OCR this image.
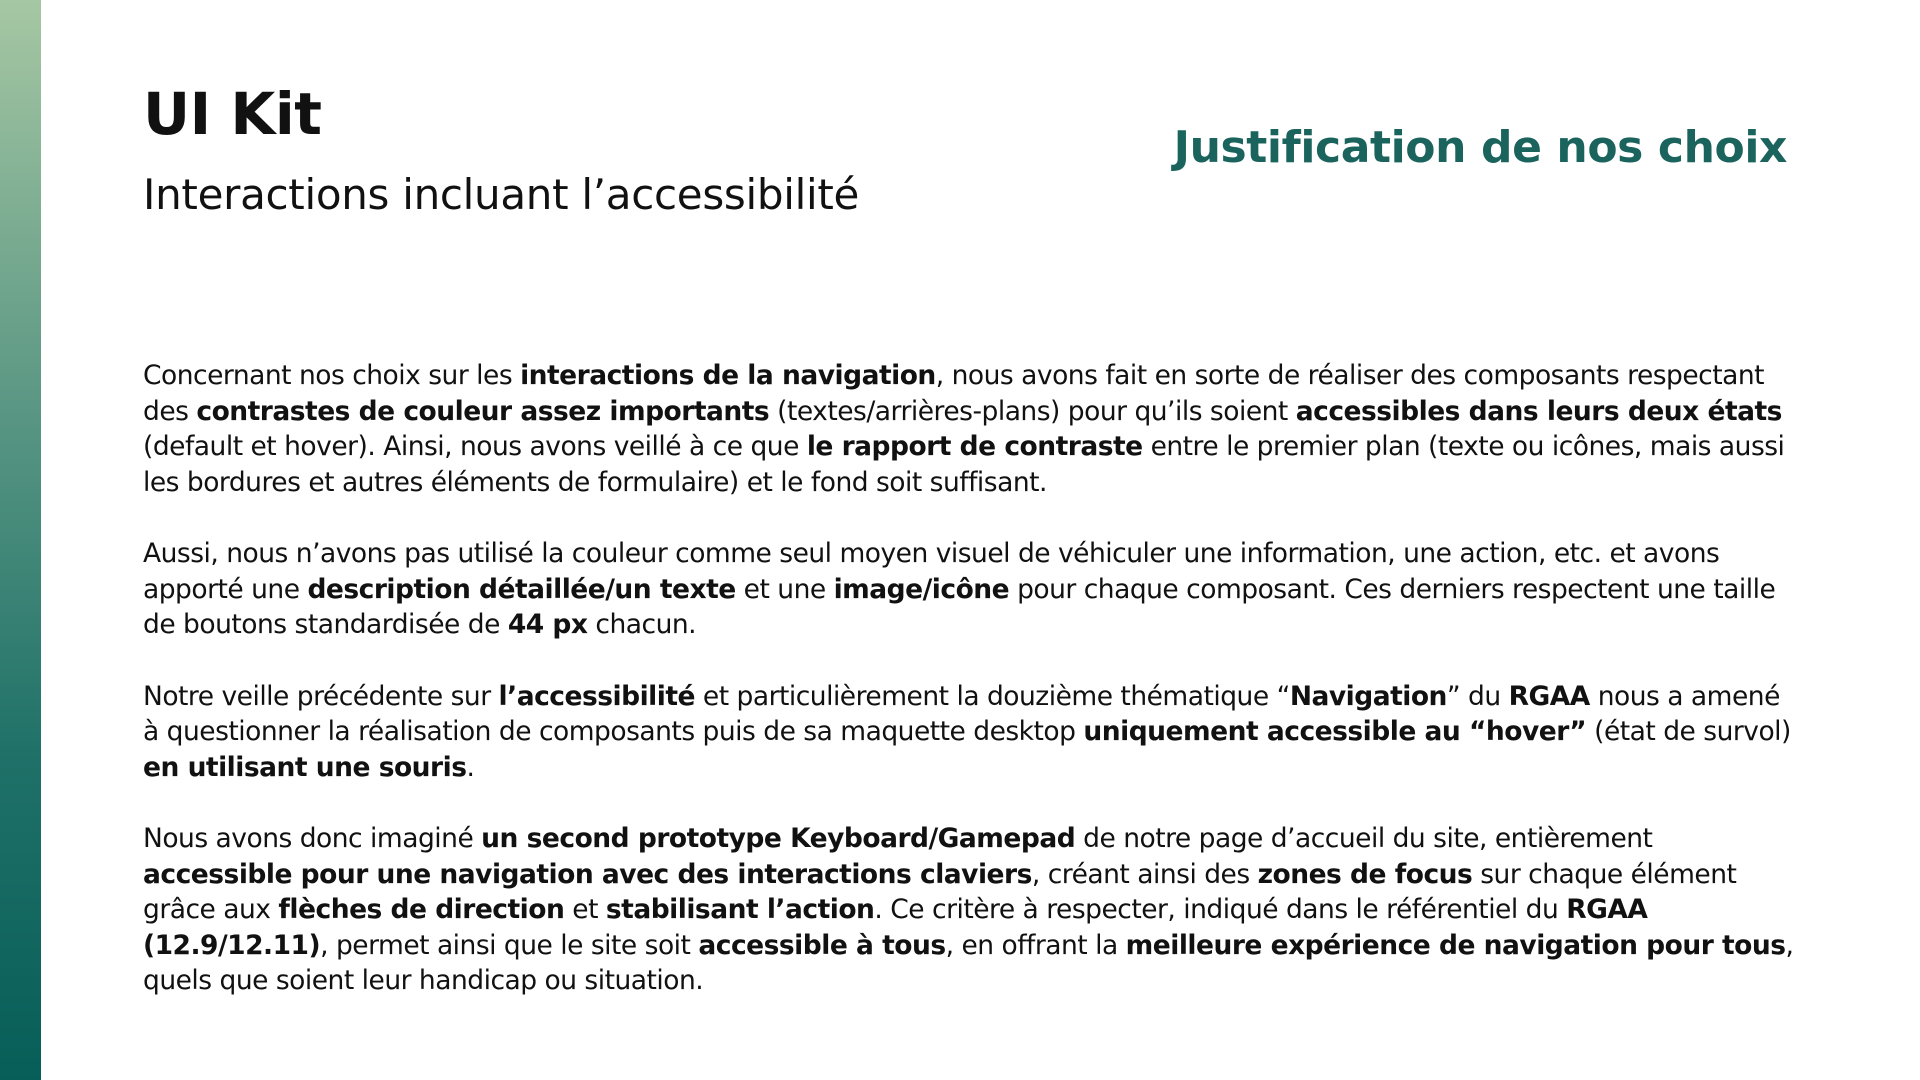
UI Kit
Interactions incluant l’accessibilité
Justification de nos choix

Concernant nos choix sur les interactions de la navigation, nous avons fait en sorte de réaliser des composants respectant des contrastes de couleur assez importants (textes/arrières-plans) pour qu’ils soient accessibles dans leurs deux états (default et hover). Ainsi, nous avons veillé à ce que le rapport de contraste entre le premier plan (texte ou icônes, mais aussi les bordures et autres éléments de formulaire) et le fond soit suffisant.

Aussi, nous n’avons pas utilisé la couleur comme seul moyen visuel de véhiculer une information, une action, etc. et avons apporté une description détaillée/un texte et une image/icône pour chaque composant. Ces derniers respectent une taille de boutons standardisée de 44 px chacun.

Notre veille précédente sur l’accessibilité et particulièrement la douzième thématique “Navigation” du RGAA nous a amené à questionner la réalisation de composants puis de sa maquette desktop uniquement accessible au “hover” (état de survol) en utilisant une souris.

Nous avons donc imaginé un second prototype Keyboard/Gamepad de notre page d’accueil du site, entièrement accessible pour une navigation avec des interactions claviers, créant ainsi des zones de focus sur chaque élément grâce aux flèches de direction et stabilisant l’action. Ce critère à respecter, indiqué dans le référentiel du RGAA (12.9/12.11), permet ainsi que le site soit accessible à tous, en offrant la meilleure expérience de navigation pour tous, quels que soient leur handicap ou situation.
